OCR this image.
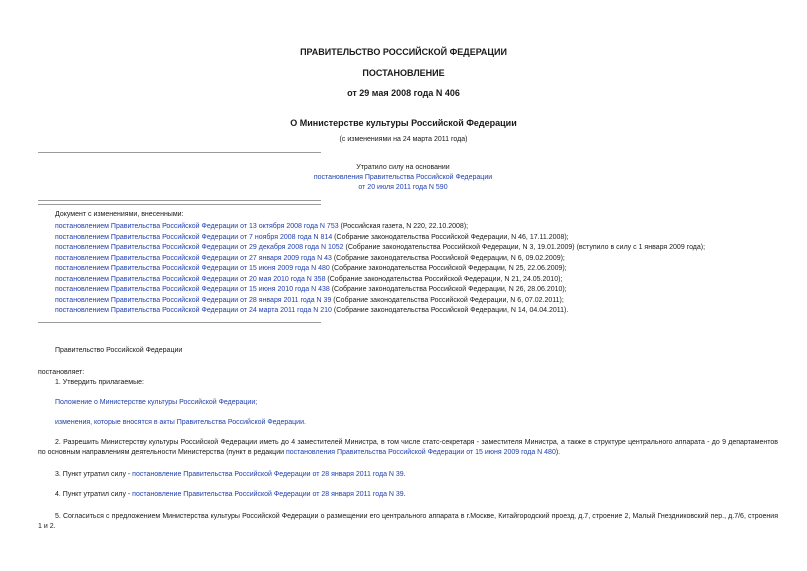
ПРАВИТЕЛЬСТВО РОССИЙСКОЙ ФЕДЕРАЦИИ
ПОСТАНОВЛЕНИЕ
от 29 мая 2008 года N 406
О Министерстве культуры Российской Федерации
(с изменениями на 24 марта 2011 года)
Утратило силу на основании
постановления Правительства Российской Федерации
от 20 июля 2011 года N 590
Документ с изменениями, внесенными:
постановлением Правительства Российской Федерации от 13 октября 2008 года N 753 (Российская газета, N 220, 22.10.2008);
постановлением Правительства Российской Федерации от 7 ноября 2008 года N 814 (Собрание законодательства Российской Федерации, N 46, 17.11.2008);
постановлением Правительства Российской Федерации от 29 декабря 2008 года N 1052 (Собрание законодательства Российской Федерации, N 3, 19.01.2009) (вступило в силу с 1 января 2009 года);
постановлением Правительства Российской Федерации от 27 января 2009 года N 43 (Собрание законодательства Российской Федерации, N 6, 09.02.2009);
постановлением Правительства Российской Федерации от 15 июня 2009 года N 480 (Собрание законодательства Российской Федерации, N 25, 22.06.2009);
постановлением Правительства Российской Федерации от 20 мая 2010 года N 358 (Собрание законодательства Российской Федерации, N 21, 24.05.2010);
постановлением Правительства Российской Федерации от 15 июня 2010 года N 438 (Собрание законодательства Российской Федерации, N 26, 28.06.2010);
постановлением Правительства Российской Федерации от 28 января 2011 года N 39 (Собрание законодательства Российской Федерации, N 6, 07.02.2011);
постановлением Правительства Российской Федерации от 24 марта 2011 года N 210 (Собрание законодательства Российской Федерации, N 14, 04.04.2011).
Правительство Российской Федерации
постановляет:
1. Утвердить прилагаемые:
Положение о Министерстве культуры Российской Федерации;
изменения, которые вносятся в акты Правительства Российской Федерации.
2. Разрешить Министерству культуры Российской Федерации иметь до 4 заместителей Министра, в том числе статс-секретаря - заместителя Министра, а также в структуре центрального аппарата - до 9 департаментов по основным направлениям деятельности Министерства (пункт в редакции постановления Правительства Российской Федерации от 15 июня 2009 года N 480).
3. Пункт утратил силу - постановление Правительства Российской Федерации от 28 января 2011 года N 39.
4. Пункт утратил силу - постановление Правительства Российской Федерации от 28 января 2011 года N 39.
5. Согласиться с предложением Министерства культуры Российской Федерации о размещении его центрального аппарата в г.Москве, Китайгородский проезд, д.7, строение 2, Малый Гнездниковский пер., д.7/6, строения 1 и 2.
